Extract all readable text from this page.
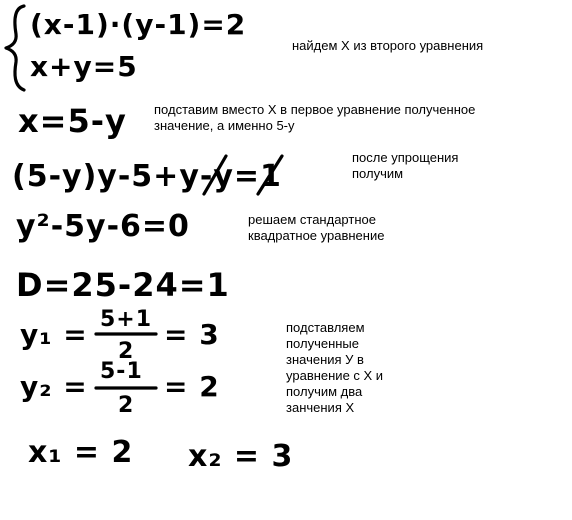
(x-1)·(y-1)=2
x+y=5
x=5-y
(5-y)y-5+y-y=1
y²-5y-6=0
D=25-24=1
y₁ = 5+1
2
= 3
y₂ = 5-1
2
= 2
x₁ = 2 x₂ = 3
найдем Х из второго уравнения
подставим вместо Х в первое уравнение полученное
значение, а именно 5-у
после упрощения
получим
решаем стандартное
квадратное уравнение
подставляем
полученные
значения У в
уравнение с Х и
получим два
занчения Х
